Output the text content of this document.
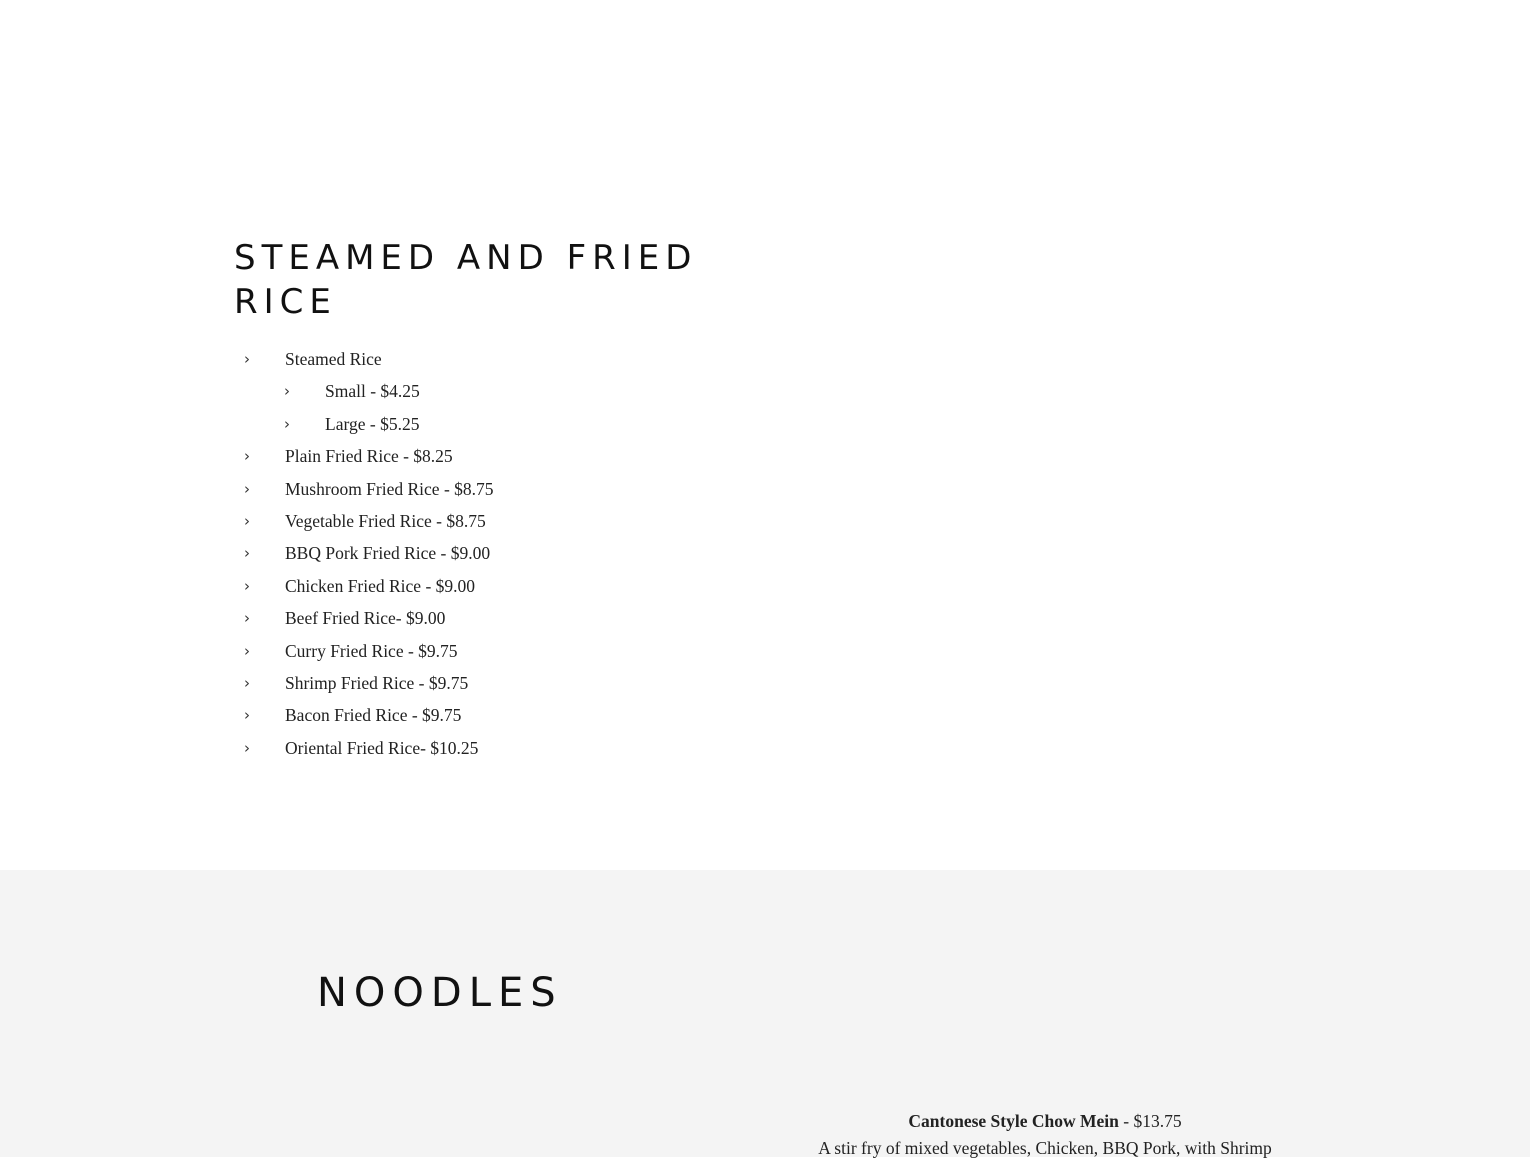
STEAMED AND FRIED RICE
› Steamed Rice
› Small - $4.25
› Large - $5.25
› Plain Fried Rice - $8.25
› Mushroom Fried Rice - $8.75
› Vegetable Fried Rice - $8.75
› BBQ Pork Fried Rice - $9.00
› Chicken Fried Rice - $9.00
› Beef Fried Rice- $9.00
› Curry Fried Rice - $9.75
› Shrimp Fried Rice - $9.75
› Bacon Fried Rice - $9.75
› Oriental Fried Rice- $10.25
NOODLES
Cantonese Style Chow Mein - $13.75
A stir fry of mixed vegetables, Chicken, BBQ Pork, with Shrimp
